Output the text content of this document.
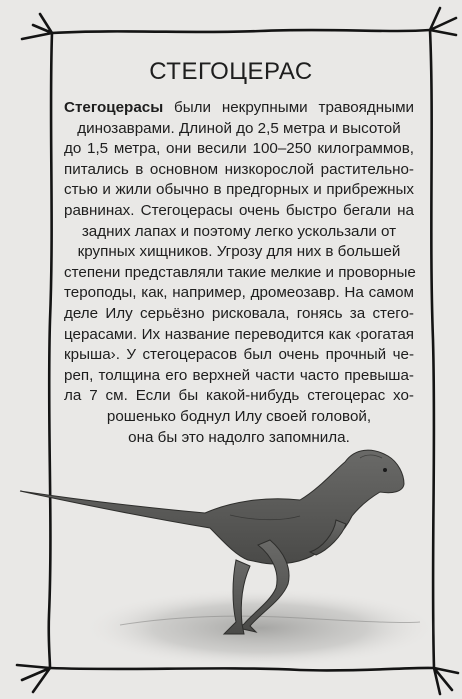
СТЕГОЦЕРАС
Стегоцерасы были некрупными травоядными
динозаврами. Длиной до 2,5 метра и высотой
до 1,5 метра, они весили 100–250 килограммов,
питались в основном низкорослой растительно-
стью и жили обычно в предгорных и прибрежных
равнинах. Стегоцерасы очень быстро бегали на
задних лапах и поэтому легко ускользали от
крупных хищников. Угрозу для них в большей
степени представляли такие мелкие и проворные
тероподы, как, например, дромеозавр. На самом
деле Илу серьёзно рисковала, гонясь за стего-
церасами. Их название переводится как ‹рогатая
крыша›. У стегоцерасов был очень прочный че-
реп, толщина его верхней части часто превыша-
ла 7 см. Если бы какой-нибудь стегоцерас хо-
рошенько боднул Илу своей головой,
она бы это надолго запомнила.
